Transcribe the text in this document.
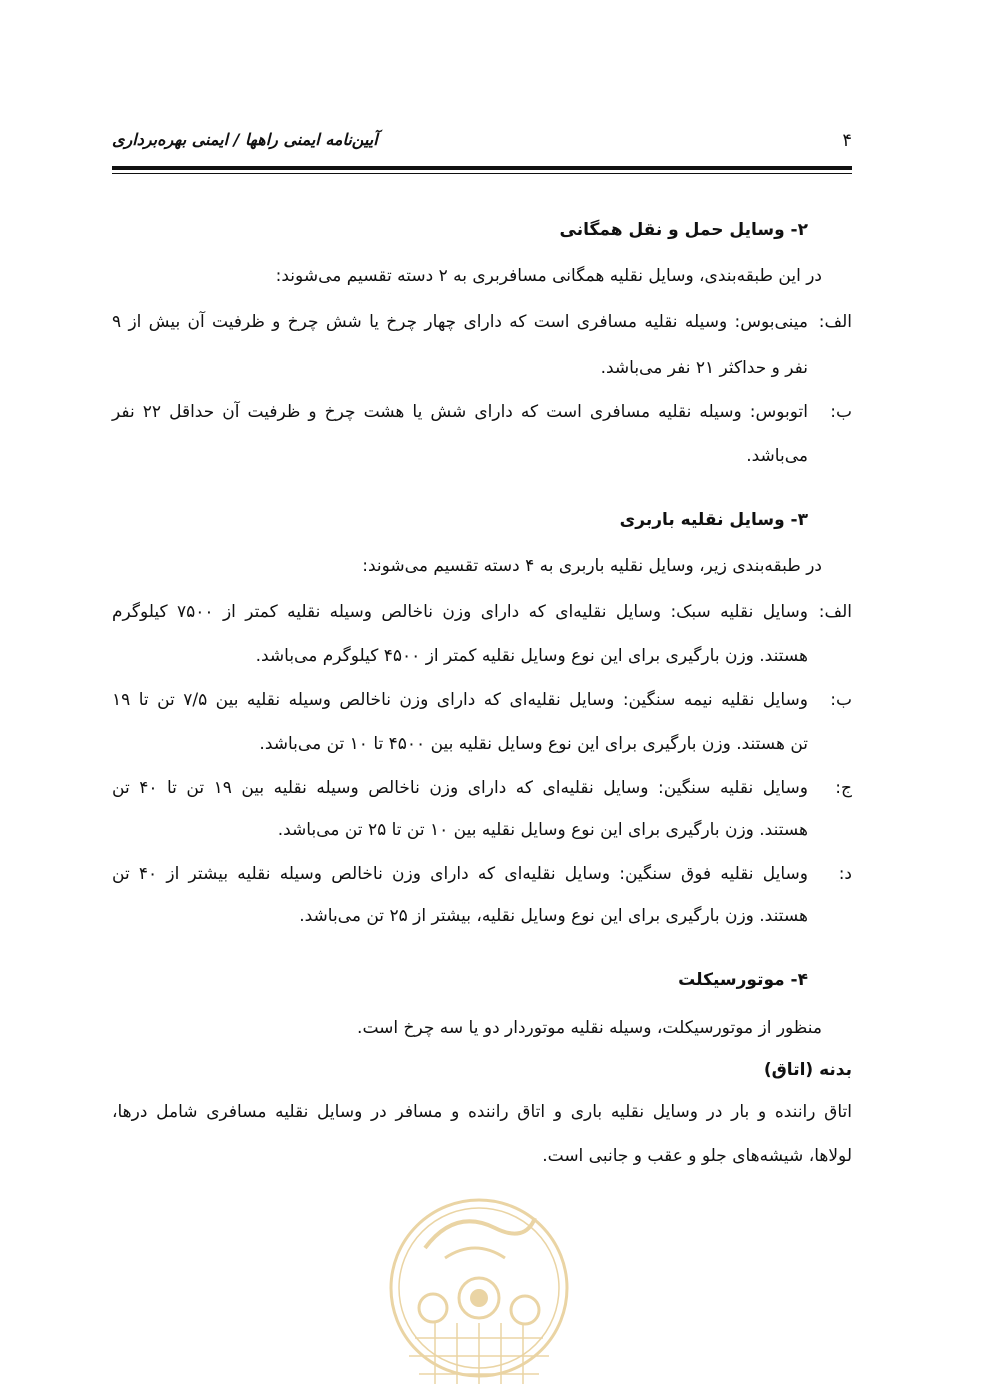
۴
آیین‌نامه ایمنی راهها / ایمنی بهره‌برداری
۲- وسایل حمل و نقل همگانی
در این طبقه‌بندی، وسایل نقلیه همگانی مسافربری به ۲ دسته تقسیم می‌شوند:
الف:
مینی‌بوس: وسیله نقلیه مسافری است که دارای چهار چرخ یا شش چرخ و ظرفیت آن بیش از ۹
نفر و حداکثر ۲۱ نفر می‌باشد.
ب:
اتوبوس: وسیله نقلیه مسافری است که دارای شش یا هشت چرخ و ظرفیت آن حداقل ۲۲ نفر
می‌باشد.
۳- وسایل نقلیه باربری
در طبقه‌بندی زیر، وسایل نقلیه باربری به ۴ دسته تقسیم می‌شوند:
الف:
وسایل نقلیه سبک: وسایل نقلیه‌ای که دارای وزن ناخالص وسیله نقلیه کمتر از ۷۵۰۰ کیلوگرم
هستند. وزن بارگیری برای این نوع وسایل نقلیه کمتر از ۴۵۰۰ کیلوگرم می‌باشد.
ب:
وسایل نقلیه نیمه سنگین: وسایل نقلیه‌ای که دارای وزن ناخالص وسیله نقلیه بین ۷/۵ تن تا ۱۹
تن هستند. وزن بارگیری برای این نوع وسایل نقلیه بین ۴۵۰۰ تا ۱۰ تن می‌باشد.
ج:
وسایل نقلیه سنگین: وسایل نقلیه‌ای که دارای وزن ناخالص وسیله نقلیه بین ۱۹ تن تا ۴۰ تن
هستند. وزن بارگیری برای این نوع وسایل نقلیه بین ۱۰ تن تا ۲۵ تن می‌باشد.
د:
وسایل نقلیه فوق سنگین: وسایل نقلیه‌ای که دارای وزن ناخالص وسیله نقلیه بیشتر از ۴۰ تن
هستند. وزن بارگیری برای این نوع وسایل نقلیه، بیشتر از ۲۵ تن می‌باشد.
۴- موتورسیکلت
منظور از موتورسیکلت، وسیله نقلیه موتوردار دو یا سه چرخ است.
بدنه (اتاق)
اتاق راننده و بار در وسایل نقلیه باری و اتاق راننده و مسافر در وسایل نقلیه مسافری شامل درها،
لولاها، شیشه‌های جلو و عقب و جانبی است.
